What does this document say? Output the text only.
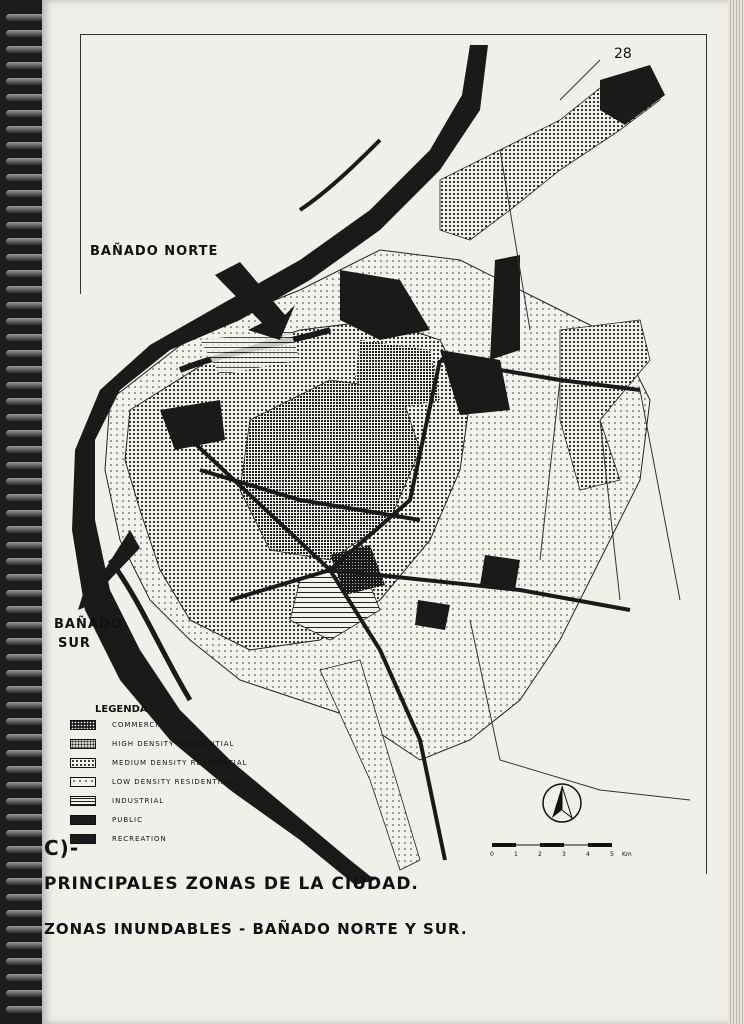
28
BAÑADO NORTE
BAÑADO
SUR
LEGENDA
COMMERCIAL
HIGH DENSITY RESIDENTIAL
MEDIUM DENSITY RESIDENTIAL
LOW DENSITY RESIDENTIAL
INDUSTRIAL
PUBLIC
RECREATION
0	1	2	3	4	5 Km
C)-
PRINCIPALES ZONAS DE LA CIUDAD.
ZONAS INUNDABLES - BAÑADO NORTE Y SUR.
